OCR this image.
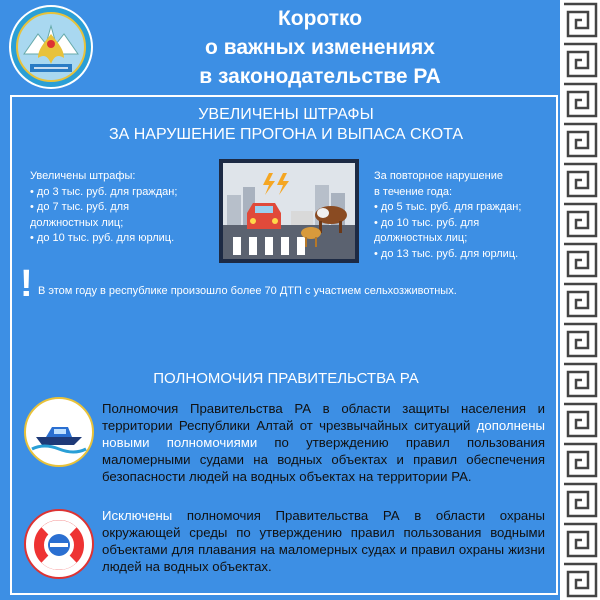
Коротко
о важных изменениях
в законодательстве РА
УВЕЛИЧЕНЫ ШТРАФЫ
ЗА НАРУШЕНИЕ ПРОГОНА И ВЫПАСА СКОТА
Увеличены штрафы:
• до 3 тыс. руб. для граждан;
• до 7 тыс. руб. для
должностных лиц;
• до 10 тыс. руб. для юрлиц.
За повторное нарушение
в течение года:
• до 5 тыс. руб. для граждан;
• до 10 тыс. руб. для
должностных лиц;
• до 13 тыс. руб. для юрлиц.
! В этом году в республике произошло более 70 ДТП с участием сельхозживотных.
ПОЛНОМОЧИЯ ПРАВИТЕЛЬСТВА РА
Полномочия Правительства РА в области защиты населения и территории Республики Алтай от чрезвычайных ситуаций дополнены новыми полномочиями по утверждению правил пользования маломерными судами на водных объектах и правил обеспечения безопасности людей на водных объектах на территории РА.
Исключены полномочия Правительства РА в области охраны окружающей среды по утверждению правил пользования водными объектами для плавания на маломерных судах и правил охраны жизни людей на водных объектах.
